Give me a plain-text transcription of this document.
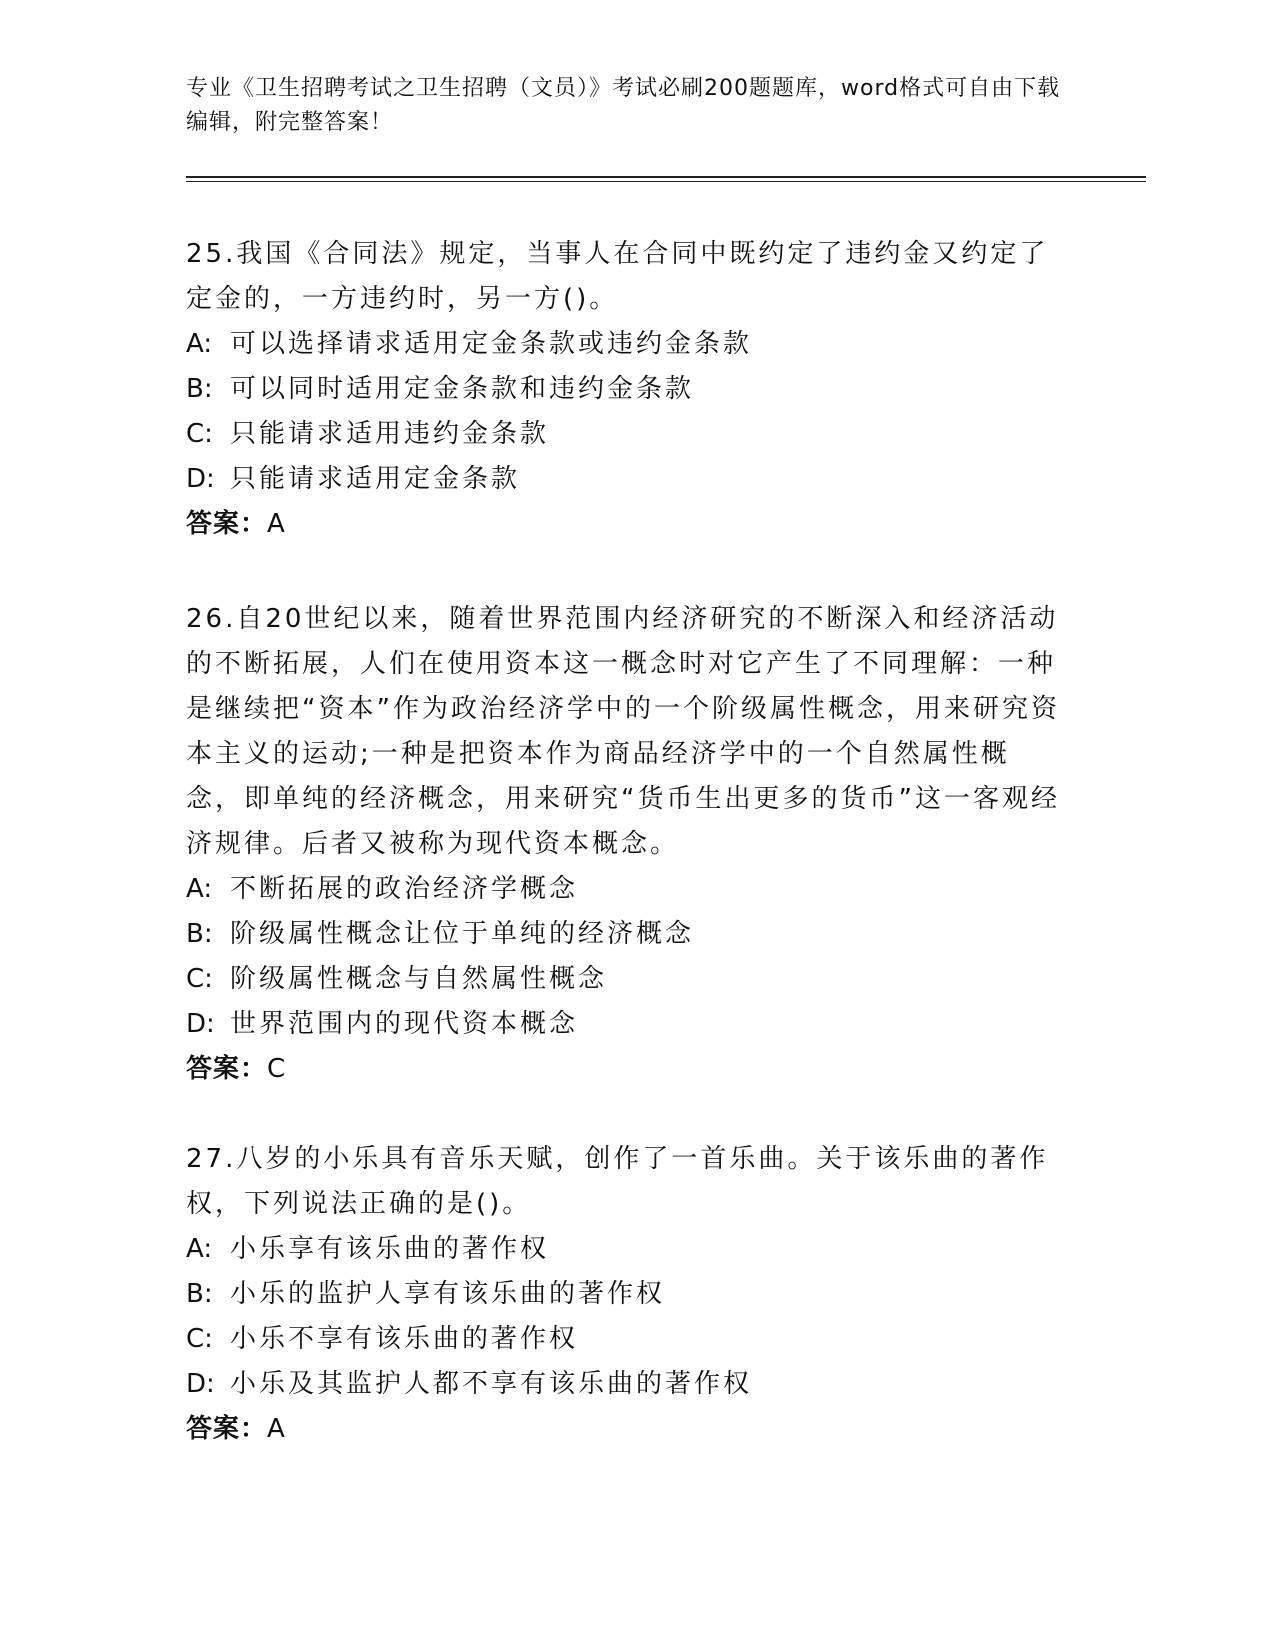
专业《卫生招聘考试之卫生招聘（文员）》考试必刷200题题库，word格式可自由下载编辑，附完整答案！

25.我国《合同法》规定，当事人在合同中既约定了违约金又约定了定金的，一方违约时，另一方()。

A: 可以选择请求适用定金条款或违约金条款

B: 可以同时适用定金条款和违约金条款

C: 只能请求适用违约金条款

D: 只能请求适用定金条款

答案：A

26.自20世纪以来，随着世界范围内经济研究的不断深入和经济活动的不断拓展，人们在使用资本这一概念时对它产生了不同理解：一种是继续把“资本”作为政治经济学中的一个阶级属性概念，用来研究资本主义的运动;一种是把资本作为商品经济学中的一个自然属性概念，即单纯的经济概念，用来研究“货币生出更多的货币”这一客观经济规律。后者又被称为现代资本概念。

A: 不断拓展的政治经济学概念

B: 阶级属性概念让位于单纯的经济概念

C: 阶级属性概念与自然属性概念

D: 世界范围内的现代资本概念

答案：C

27.八岁的小乐具有音乐天赋，创作了一首乐曲。关于该乐曲的著作权，下列说法正确的是()。

A: 小乐享有该乐曲的著作权

B: 小乐的监护人享有该乐曲的著作权

C: 小乐不享有该乐曲的著作权

D: 小乐及其监护人都不享有该乐曲的著作权

答案：A
